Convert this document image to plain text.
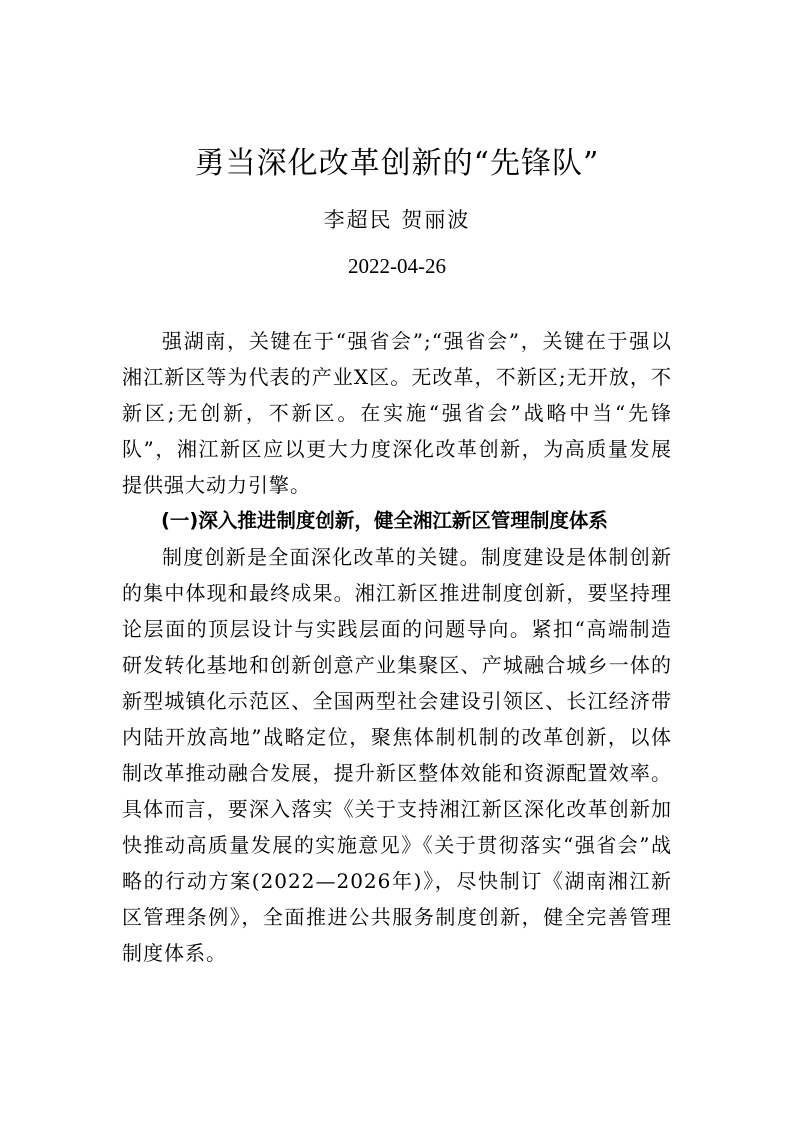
勇当深化改革创新的“先锋队”
李超民 贺丽波
2022-04-26

强湖南，关键在于“强省会”;“强省会”，关键在于强以湘江新区等为代表的产业X区。无改革，不新区;无开放，不新区;无创新，不新区。在实施“强省会”战略中当“先锋队”，湘江新区应以更大力度深化改革创新，为高质量发展提供强大动力引擎。

(一)深入推进制度创新，健全湘江新区管理制度体系

制度创新是全面深化改革的关键。制度建设是体制创新的集中体现和最终成果。湘江新区推进制度创新，要坚持理论层面的顶层设计与实践层面的问题导向。紧扣“高端制造研发转化基地和创新创意产业集聚区、产城融合城乡一体的新型城镇化示范区、全国两型社会建设引领区、长江经济带内陆开放高地”战略定位，聚焦体制机制的改革创新，以体制改革推动融合发展，提升新区整体效能和资源配置效率。具体而言，要深入落实《关于支持湘江新区深化改革创新加快推动高质量发展的实施意见》《关于贯彻落实“强省会”战略的行动方案(2022—2026年)》，尽快制订《湖南湘江新区管理条例》，全面推进公共服务制度创新，健全完善管理制度体系。
